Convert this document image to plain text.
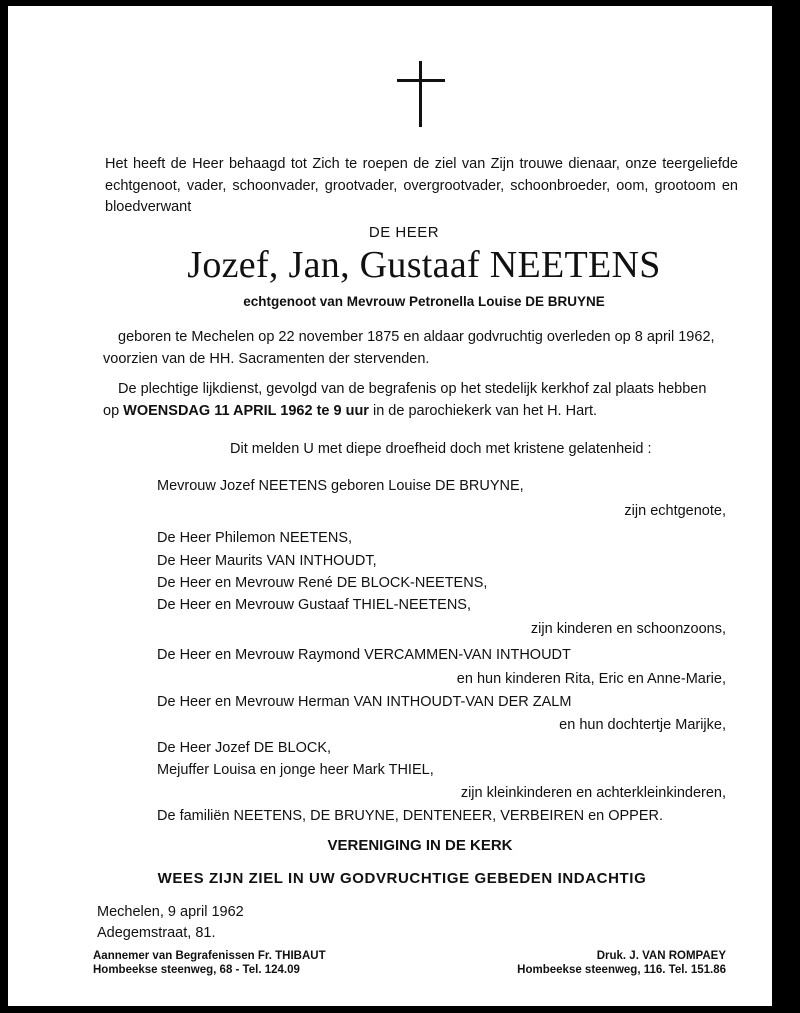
Het heeft de Heer behaagd tot Zich te roepen de ziel van Zijn trouwe dienaar, onze teergeliefde echtgenoot, vader, schoonvader, grootvader, overgrootvader, schoonbroeder, oom, grootoom en bloedverwant
DE HEER
Jozef, Jan, Gustaaf NEETENS
echtgenoot van Mevrouw Petronella Louise DE BRUYNE
geboren te Mechelen op 22 november 1875 en aldaar godvruchtig overleden op 8 april 1962,
voorzien van de HH. Sacramenten der stervenden.
De plechtige lijkdienst, gevolgd van de begrafenis op het stedelijk kerkhof zal plaats hebben
op WOENSDAG 11 APRIL 1962 te 9 uur in de parochiekerk van het H. Hart.
Dit melden U met diepe droefheid doch met kristene gelatenheid :
Mevrouw Jozef NEETENS geboren Louise DE BRUYNE,
zijn echtgenote,
De Heer Philemon NEETENS,
De Heer Maurits VAN INTHOUDT,
De Heer en Mevrouw René DE BLOCK-NEETENS,
De Heer en Mevrouw Gustaaf THIEL-NEETENS,
zijn kinderen en schoonzoons,
De Heer en Mevrouw Raymond VERCAMMEN-VAN INTHOUDT
en hun kinderen Rita, Eric en Anne-Marie,
De Heer en Mevrouw Herman VAN INTHOUDT-VAN DER ZALM
en hun dochtertje Marijke,
De Heer Jozef DE BLOCK,
Mejuffer Louisa en jonge heer Mark THIEL,
zijn kleinkinderen en achterkleinkinderen,
De familiën NEETENS, DE BRUYNE, DENTENEER, VERBEIREN en OPPER.
VERENIGING IN DE KERK
WEES ZIJN ZIEL IN UW GODVRUCHTIGE GEBEDEN INDACHTIG
Mechelen, 9 april 1962
Adegemstraat, 81.
Aannemer van Begrafenissen Fr. THIBAUT
Hombeekse steenweg, 68 - Tel. 124.09
Druk. J. VAN ROMPAEY
Hombeekse steenweg, 116. Tel. 151.86
